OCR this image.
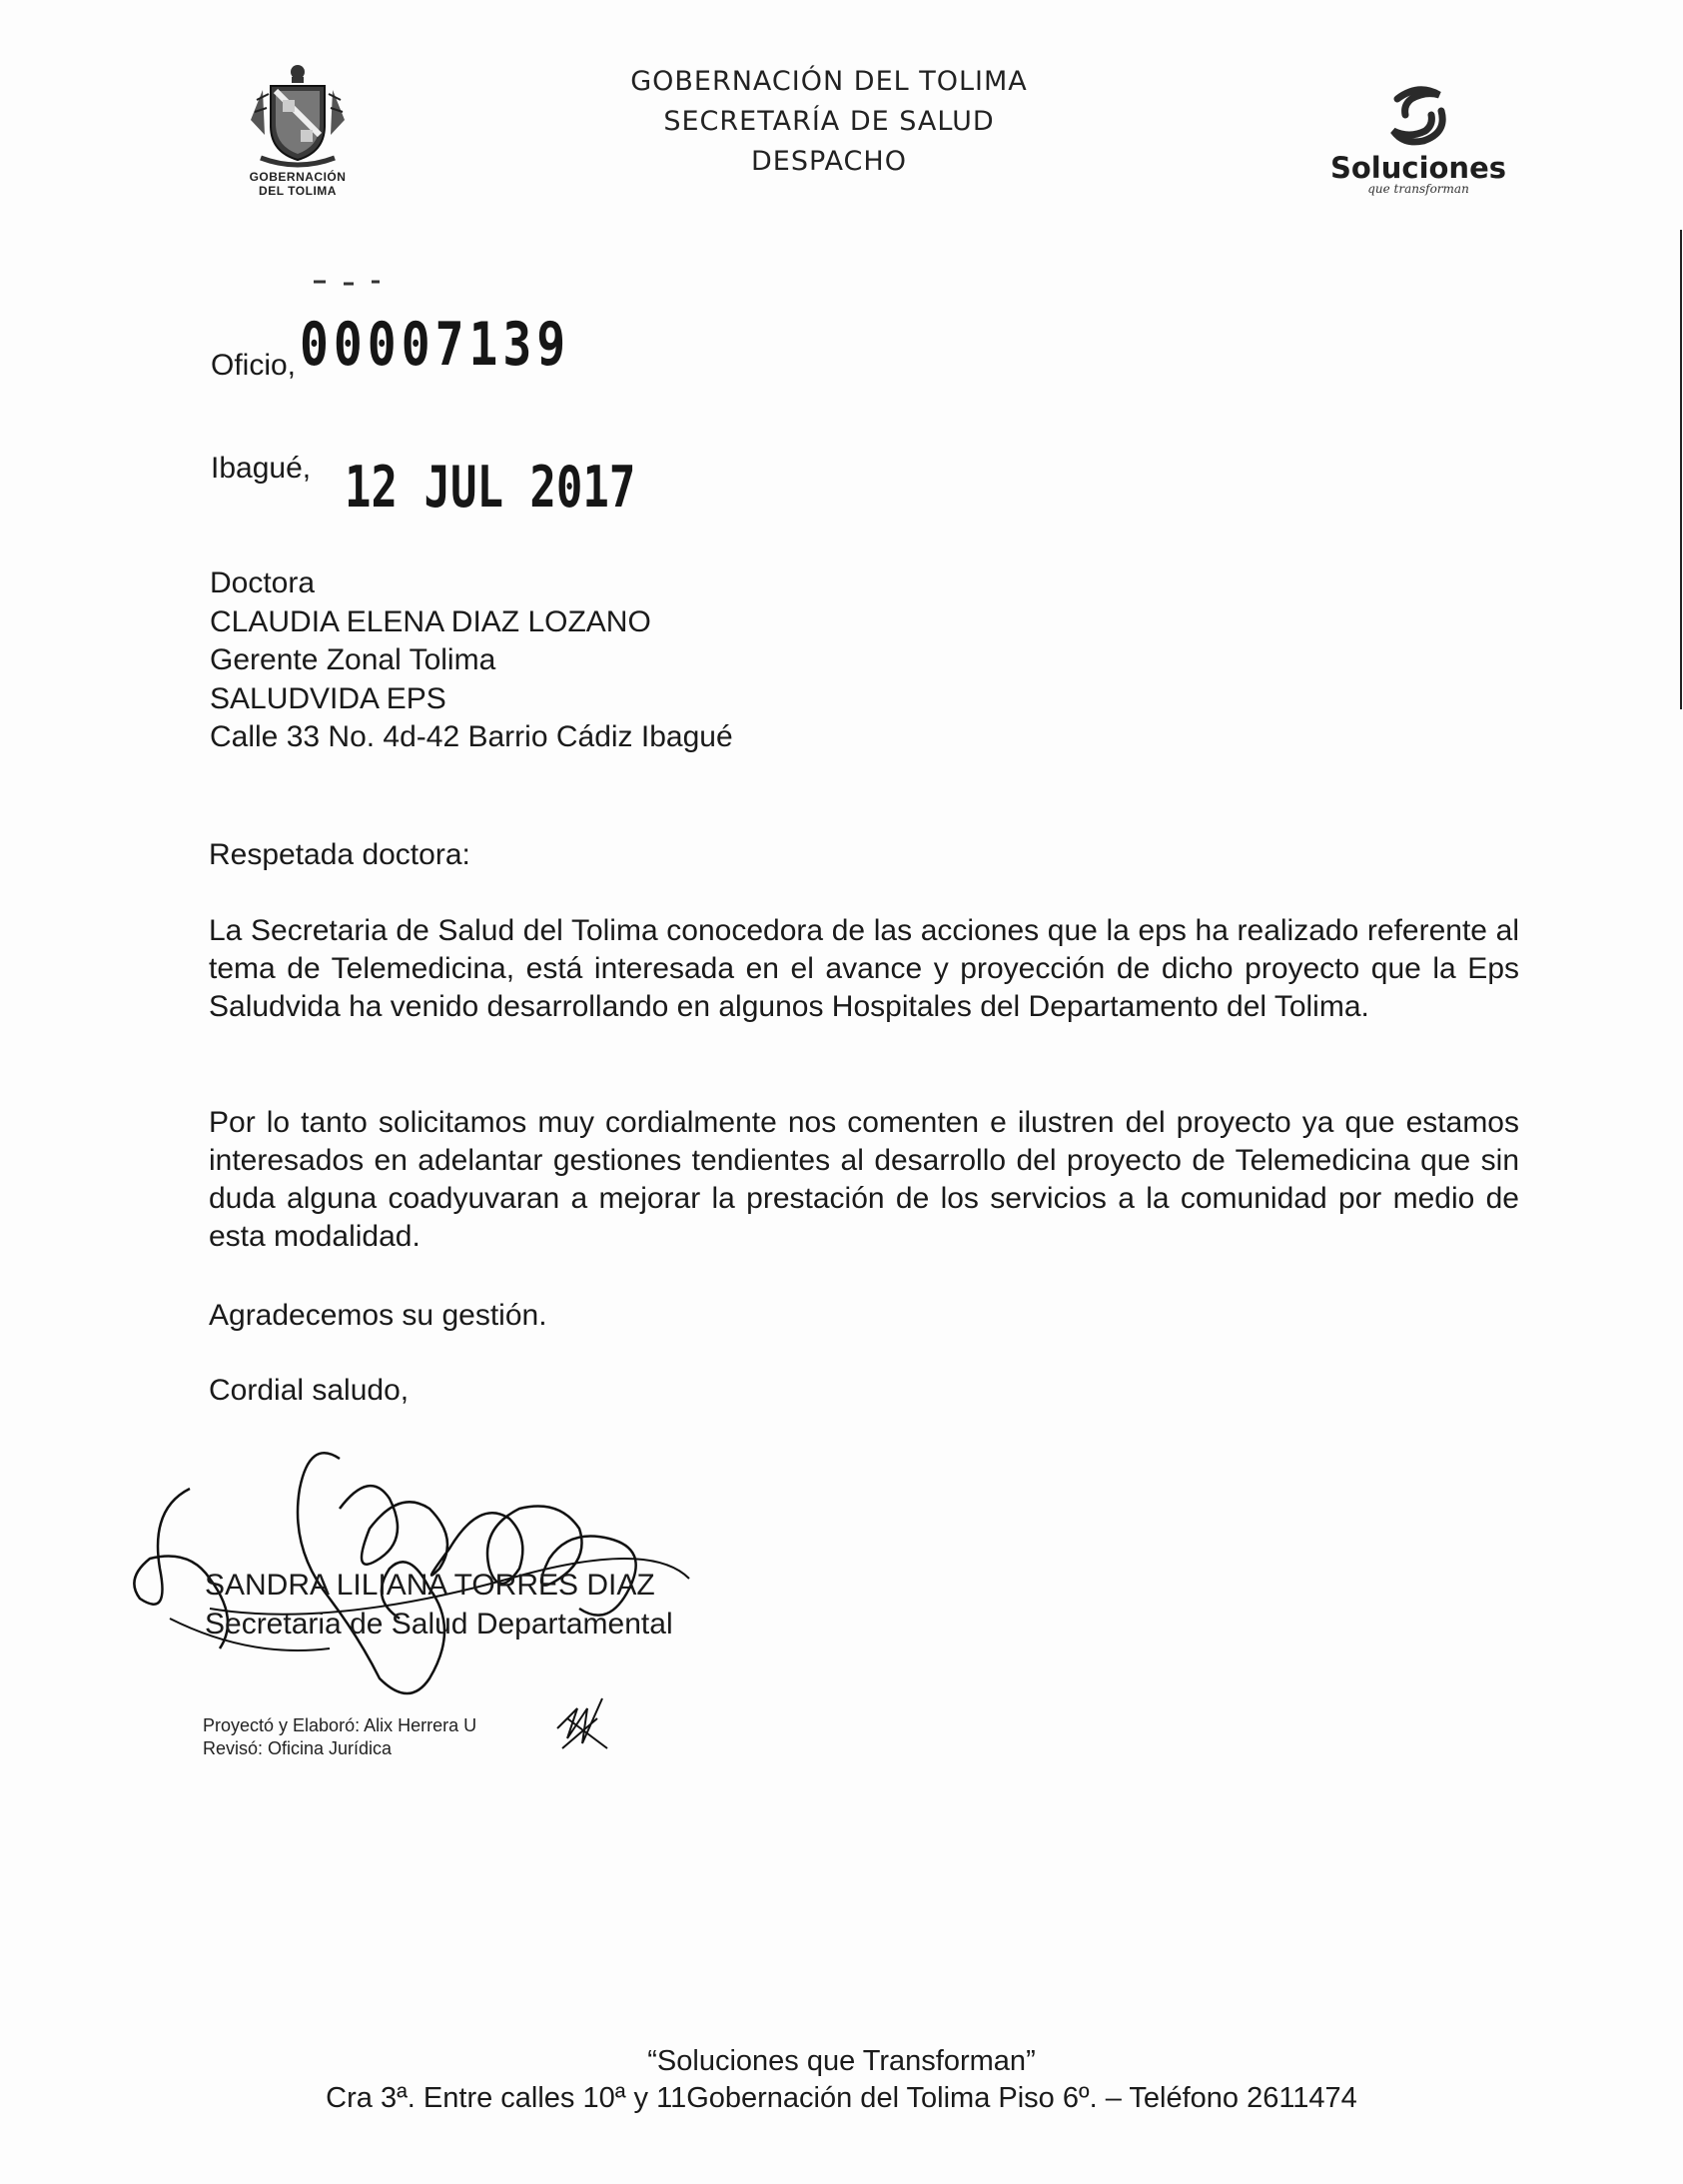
GOBERNACIÓN
DEL TOLIMA
GOBERNACIÓN DEL TOLIMA
SECRETARÍA DE SALUD
DESPACHO	Soluciones
que transforman
Oficio, 00007139
Ibagué, 12 JUL 2017
Doctora
CLAUDIA ELENA DIAZ LOZANO
Gerente Zonal Tolima
SALUDVIDA EPS
Calle 33 No. 4d-42 Barrio Cádiz Ibagué
Respetada doctora:
La Secretaria de Salud del Tolima conocedora de las acciones que la eps ha realizado referente al tema de Telemedicina, está interesada en el avance y proyección de dicho proyecto que la Eps Saludvida ha venido desarrollando en algunos Hospitales del Departamento del Tolima.
Por lo tanto solicitamos muy cordialmente nos comenten e ilustren del proyecto ya que estamos interesados en adelantar gestiones tendientes al desarrollo del proyecto de Telemedicina que sin duda alguna coadyuvaran a mejorar la prestación de los servicios a la comunidad por medio de esta modalidad.
Agradecemos su gestión.
Cordial saludo,
SANDRA LILIANA TORRES DIAZ
Secretaria de Salud Departamental
Proyectó y Elaboró: Alix Herrera U
Revisó: Oficina Jurídica
“Soluciones que Transforman”
Cra 3ª. Entre calles 10ª y 11Gobernación del Tolima Piso 6º. – Teléfono 2611474
